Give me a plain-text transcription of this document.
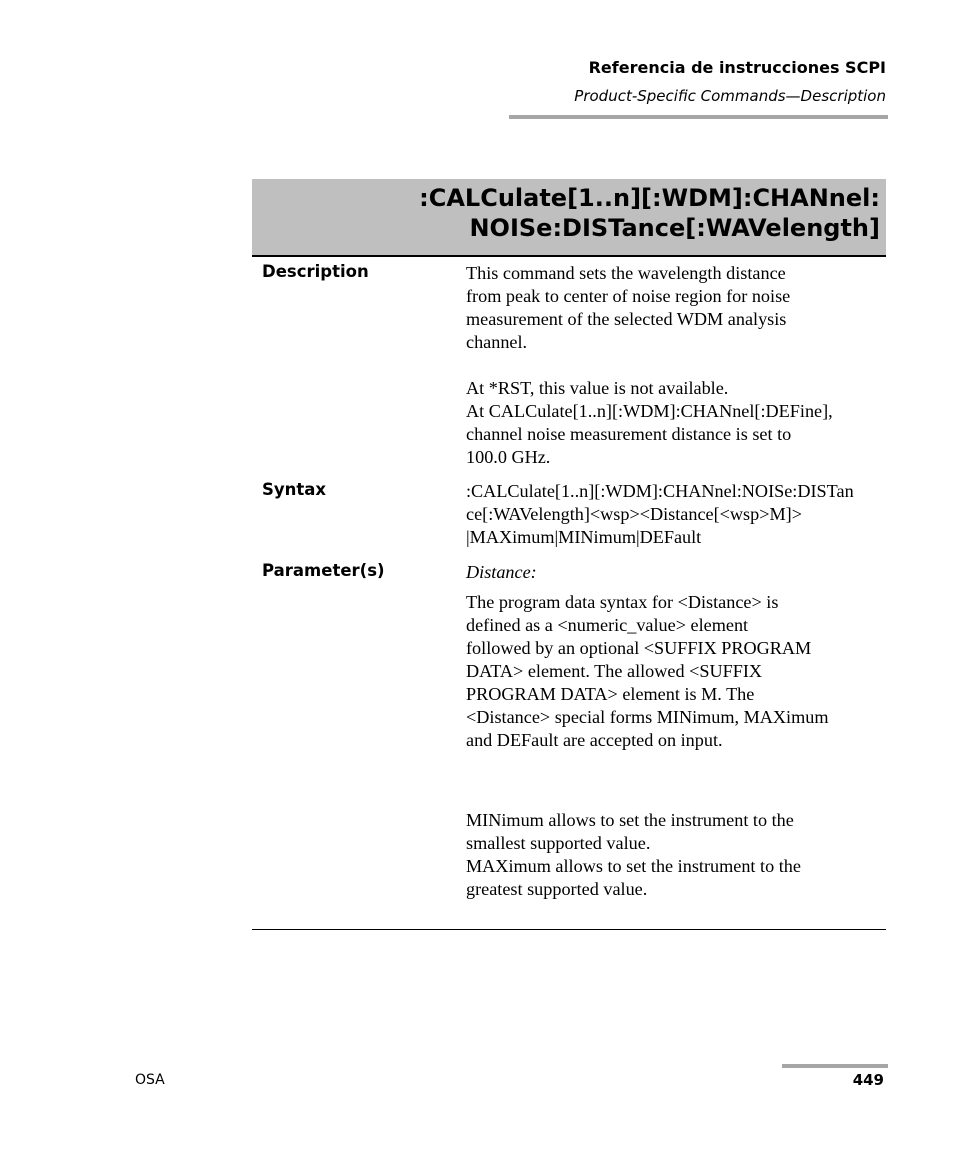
Referencia de instrucciones SCPI
Product-Specific Commands—Description
:CALCulate[1..n][:WDM]:CHANnel:
NOISe:DISTance[:WAVelength]
Description	This command sets the wavelength distance
from peak to center of noise region for noise
measurement of the selected WDM analysis
channel.

At *RST, this value is not available.
At CALCulate[1..n][:WDM]:CHANnel[:DEFine],
channel noise measurement distance is set to
100.0 GHz.

Syntax	:CALCulate[1..n][:WDM]:CHANnel:NOISe:DISTan
ce[:WAVelength]<wsp><Distance[<wsp>M]>
|MAXimum|MINimum|DEFault
Parameter(s)	Distance:

The program data syntax for <Distance> is
defined as a <numeric_value> element
followed by an optional <SUFFIX PROGRAM
DATA> element. The allowed <SUFFIX
PROGRAM DATA> element is M. The
<Distance> special forms MINimum, MAXimum
and DEFault are accepted on input.

MINimum allows to set the instrument to the
smallest supported value.
MAXimum allows to set the instrument to the
greatest supported value.

OSA	449
